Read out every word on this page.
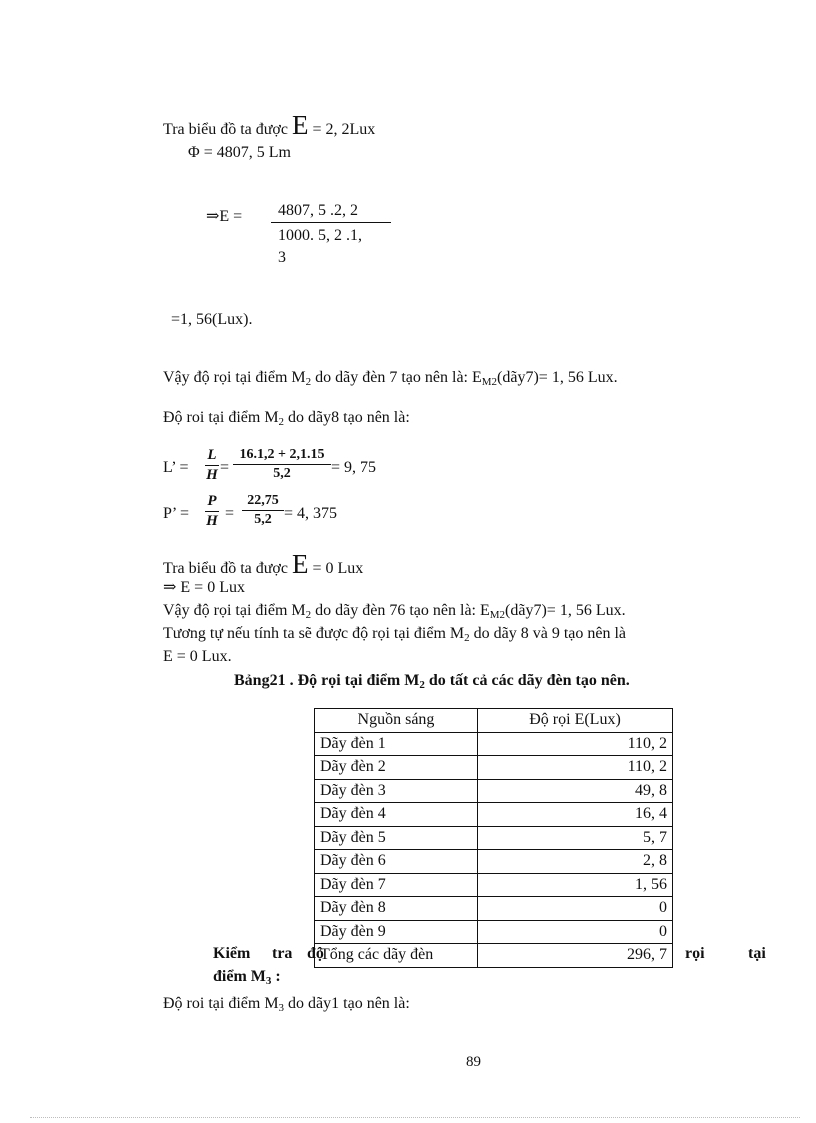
Tra biểu đồ ta được E = 2, 2Lux
Φ = 4807, 5 Lm
⇒E = 4807, 5 .2, 2
1000. 5, 2 .1,
3
=1, 56(Lux).
Vậy độ rọi tại điểm $M_2$ do dãy đèn 7 tạo nên là: $E_{M2}(dãy7)= 1$, 56 Lux.
Độ roi tại điểm $M_2$ do dãy8 tạo nên là:
L’ =
L
H =
16.1,2 + 2,1.15
5,2	= 9, 75
P’ =
P
H =
22,75
5,2 = 4, 375
Tra biểu đồ ta được E = 0 Lux
⇒ E = 0 Lux
Vậy độ rọi tại điểm $M_2$ do dãy đèn 76 tạo nên là: $E_{M2}(dãy7)= 1$, 56 Lux.
Tương tự nếu tính ta sẽ được độ rọi tại điểm $M_2$ do dãy 8 và 9 tạo nên là
E = 0 Lux.
Bảng21 . Độ rọi tại điểm $M_2$ do tất cả các dãy đèn tạo nên.
Kiểm tra độ	rọi	tại
điểm $M_3$ :
Nguồn sáng	Độ rọi E(Lux)
Dãy đèn 1	110, 2
Dãy đèn 2	110, 2
Dãy đèn 3	49, 8
Dãy đèn 4	16, 4
Dãy đèn 5	5, 7
Dãy đèn 6	2, 8
Dãy đèn 7	1, 56
Dãy đèn 8	0
Dãy đèn 9	0
Tổng các dãy đèn	296, 7
Độ roi tại điểm $M_3$ do dãy1 tạo nên là:
89
